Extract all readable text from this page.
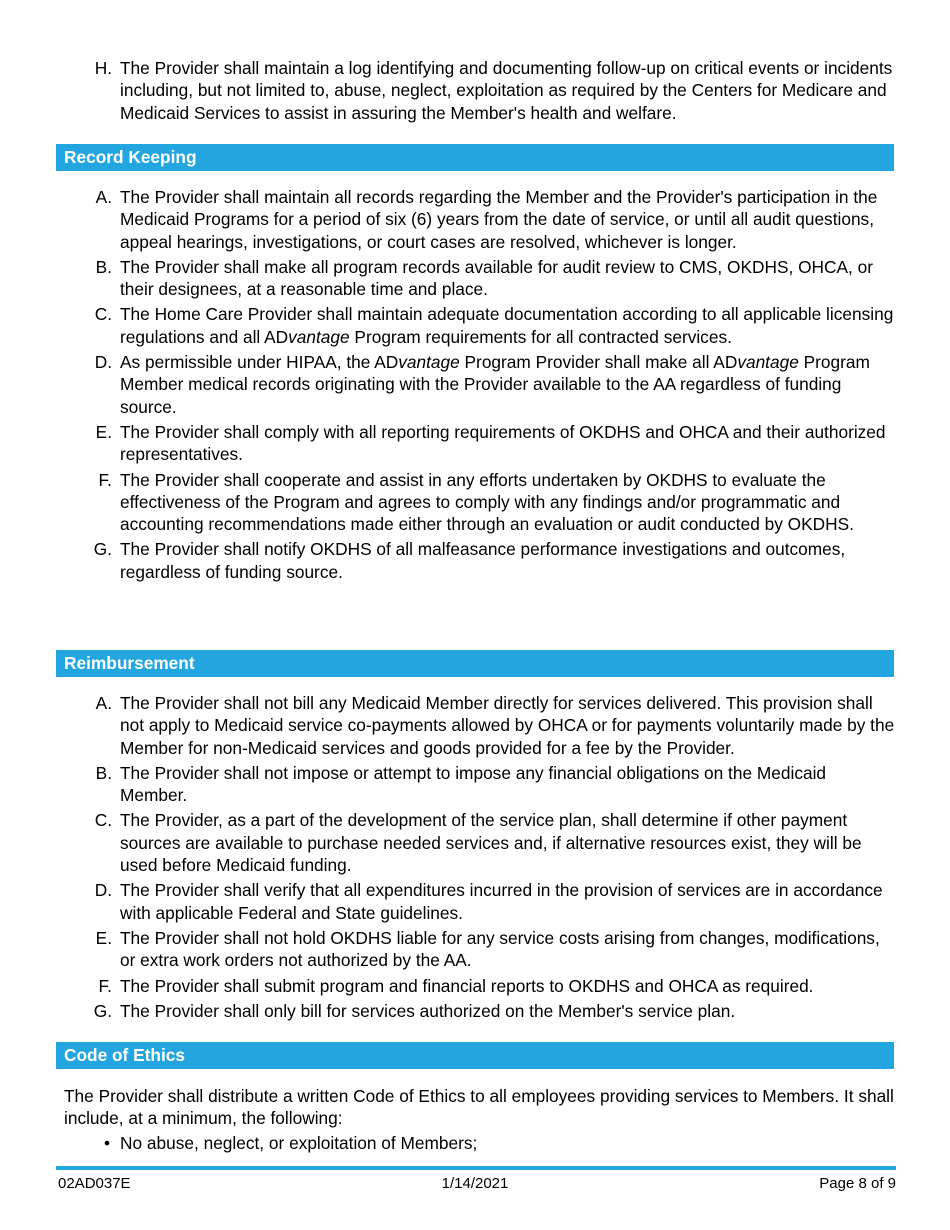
H. The Provider shall maintain a log identifying and documenting follow-up on critical events or incidents including, but not limited to, abuse, neglect, exploitation as required by the Centers for Medicare and Medicaid Services to assist in assuring the Member's health and welfare.
Record Keeping
A. The Provider shall maintain all records regarding the Member and the Provider's participation in the Medicaid Programs for a period of six (6) years from the date of service, or until all audit questions, appeal hearings, investigations, or court cases are resolved, whichever is longer.
B. The Provider shall make all program records available for audit review to CMS, OKDHS, OHCA, or their designees, at a reasonable time and place.
C. The Home Care Provider shall maintain adequate documentation according to all applicable licensing regulations and all ADvantage Program requirements for all contracted services.
D. As permissible under HIPAA, the ADvantage Program Provider shall make all ADvantage Program Member medical records originating with the Provider available to the AA regardless of funding source.
E. The Provider shall comply with all reporting requirements of OKDHS and OHCA and their authorized representatives.
F. The Provider shall cooperate and assist in any efforts undertaken by OKDHS to evaluate the effectiveness of the Program and agrees to comply with any findings and/or programmatic and accounting recommendations made either through an evaluation or audit conducted by OKDHS.
G. The Provider shall notify OKDHS of all malfeasance performance investigations and outcomes, regardless of funding source.
Reimbursement
A. The Provider shall not bill any Medicaid Member directly for services delivered. This provision shall not apply to Medicaid service co-payments allowed by OHCA or for payments voluntarily made by the Member for non-Medicaid services and goods provided for a fee by the Provider.
B. The Provider shall not impose or attempt to impose any financial obligations on the Medicaid Member.
C. The Provider, as a part of the development of the service plan, shall determine if other payment sources are available to purchase needed services and, if alternative resources exist, they will be used before Medicaid funding.
D. The Provider shall verify that all expenditures incurred in the provision of services are in accordance with applicable Federal and State guidelines.
E. The Provider shall not hold OKDHS liable for any service costs arising from changes, modifications, or extra work orders not authorized by the AA.
F. The Provider shall submit program and financial reports to OKDHS and OHCA as required.
G. The Provider shall only bill for services authorized on the Member's service plan.
Code of Ethics
The Provider shall distribute a written Code of Ethics to all employees providing services to Members. It shall include, at a minimum, the following:
• No abuse, neglect, or exploitation of Members;
02AD037E	1/14/2021	Page 8 of 9
